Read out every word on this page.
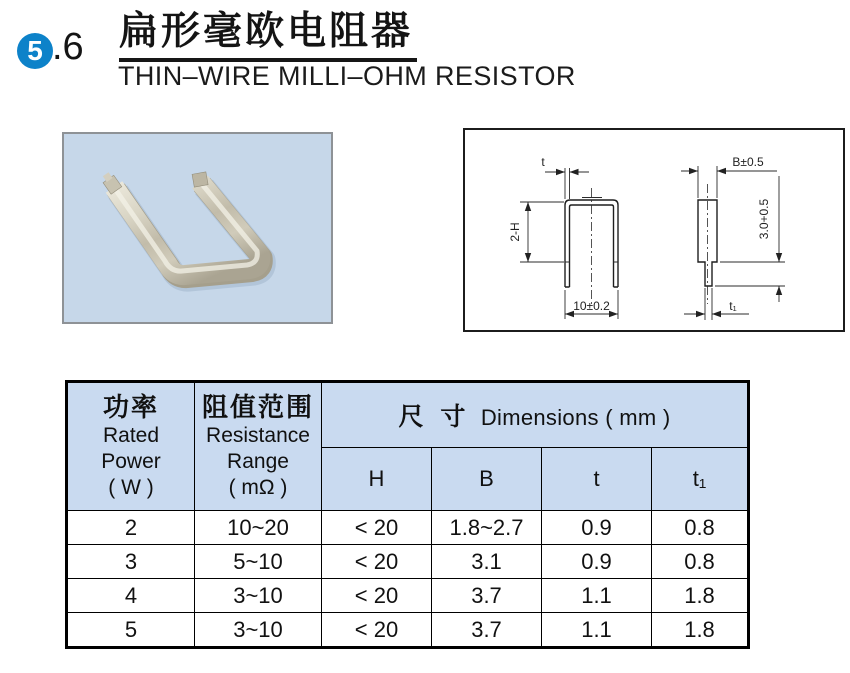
5 .6 扁形毫欧电阻器
THIN–WIRE MILLI–OHM RESISTOR
t
2-H
10±0.2
B±0.5
3.0+0.5
t₁
功率
Rated
Power
( W )

阻值范围
Resistance
Range
( mΩ )
	尺 寸 Dimensions ( mm )
		H	B	t	t₁
2	10~20	< 20	1.8~2.7	0.9	0.8
3	5~10	< 20	3.1	0.9	0.8
4	3~10	< 20	3.7	1.1	1.8
5	3~10	< 20	3.7	1.1	1.8
